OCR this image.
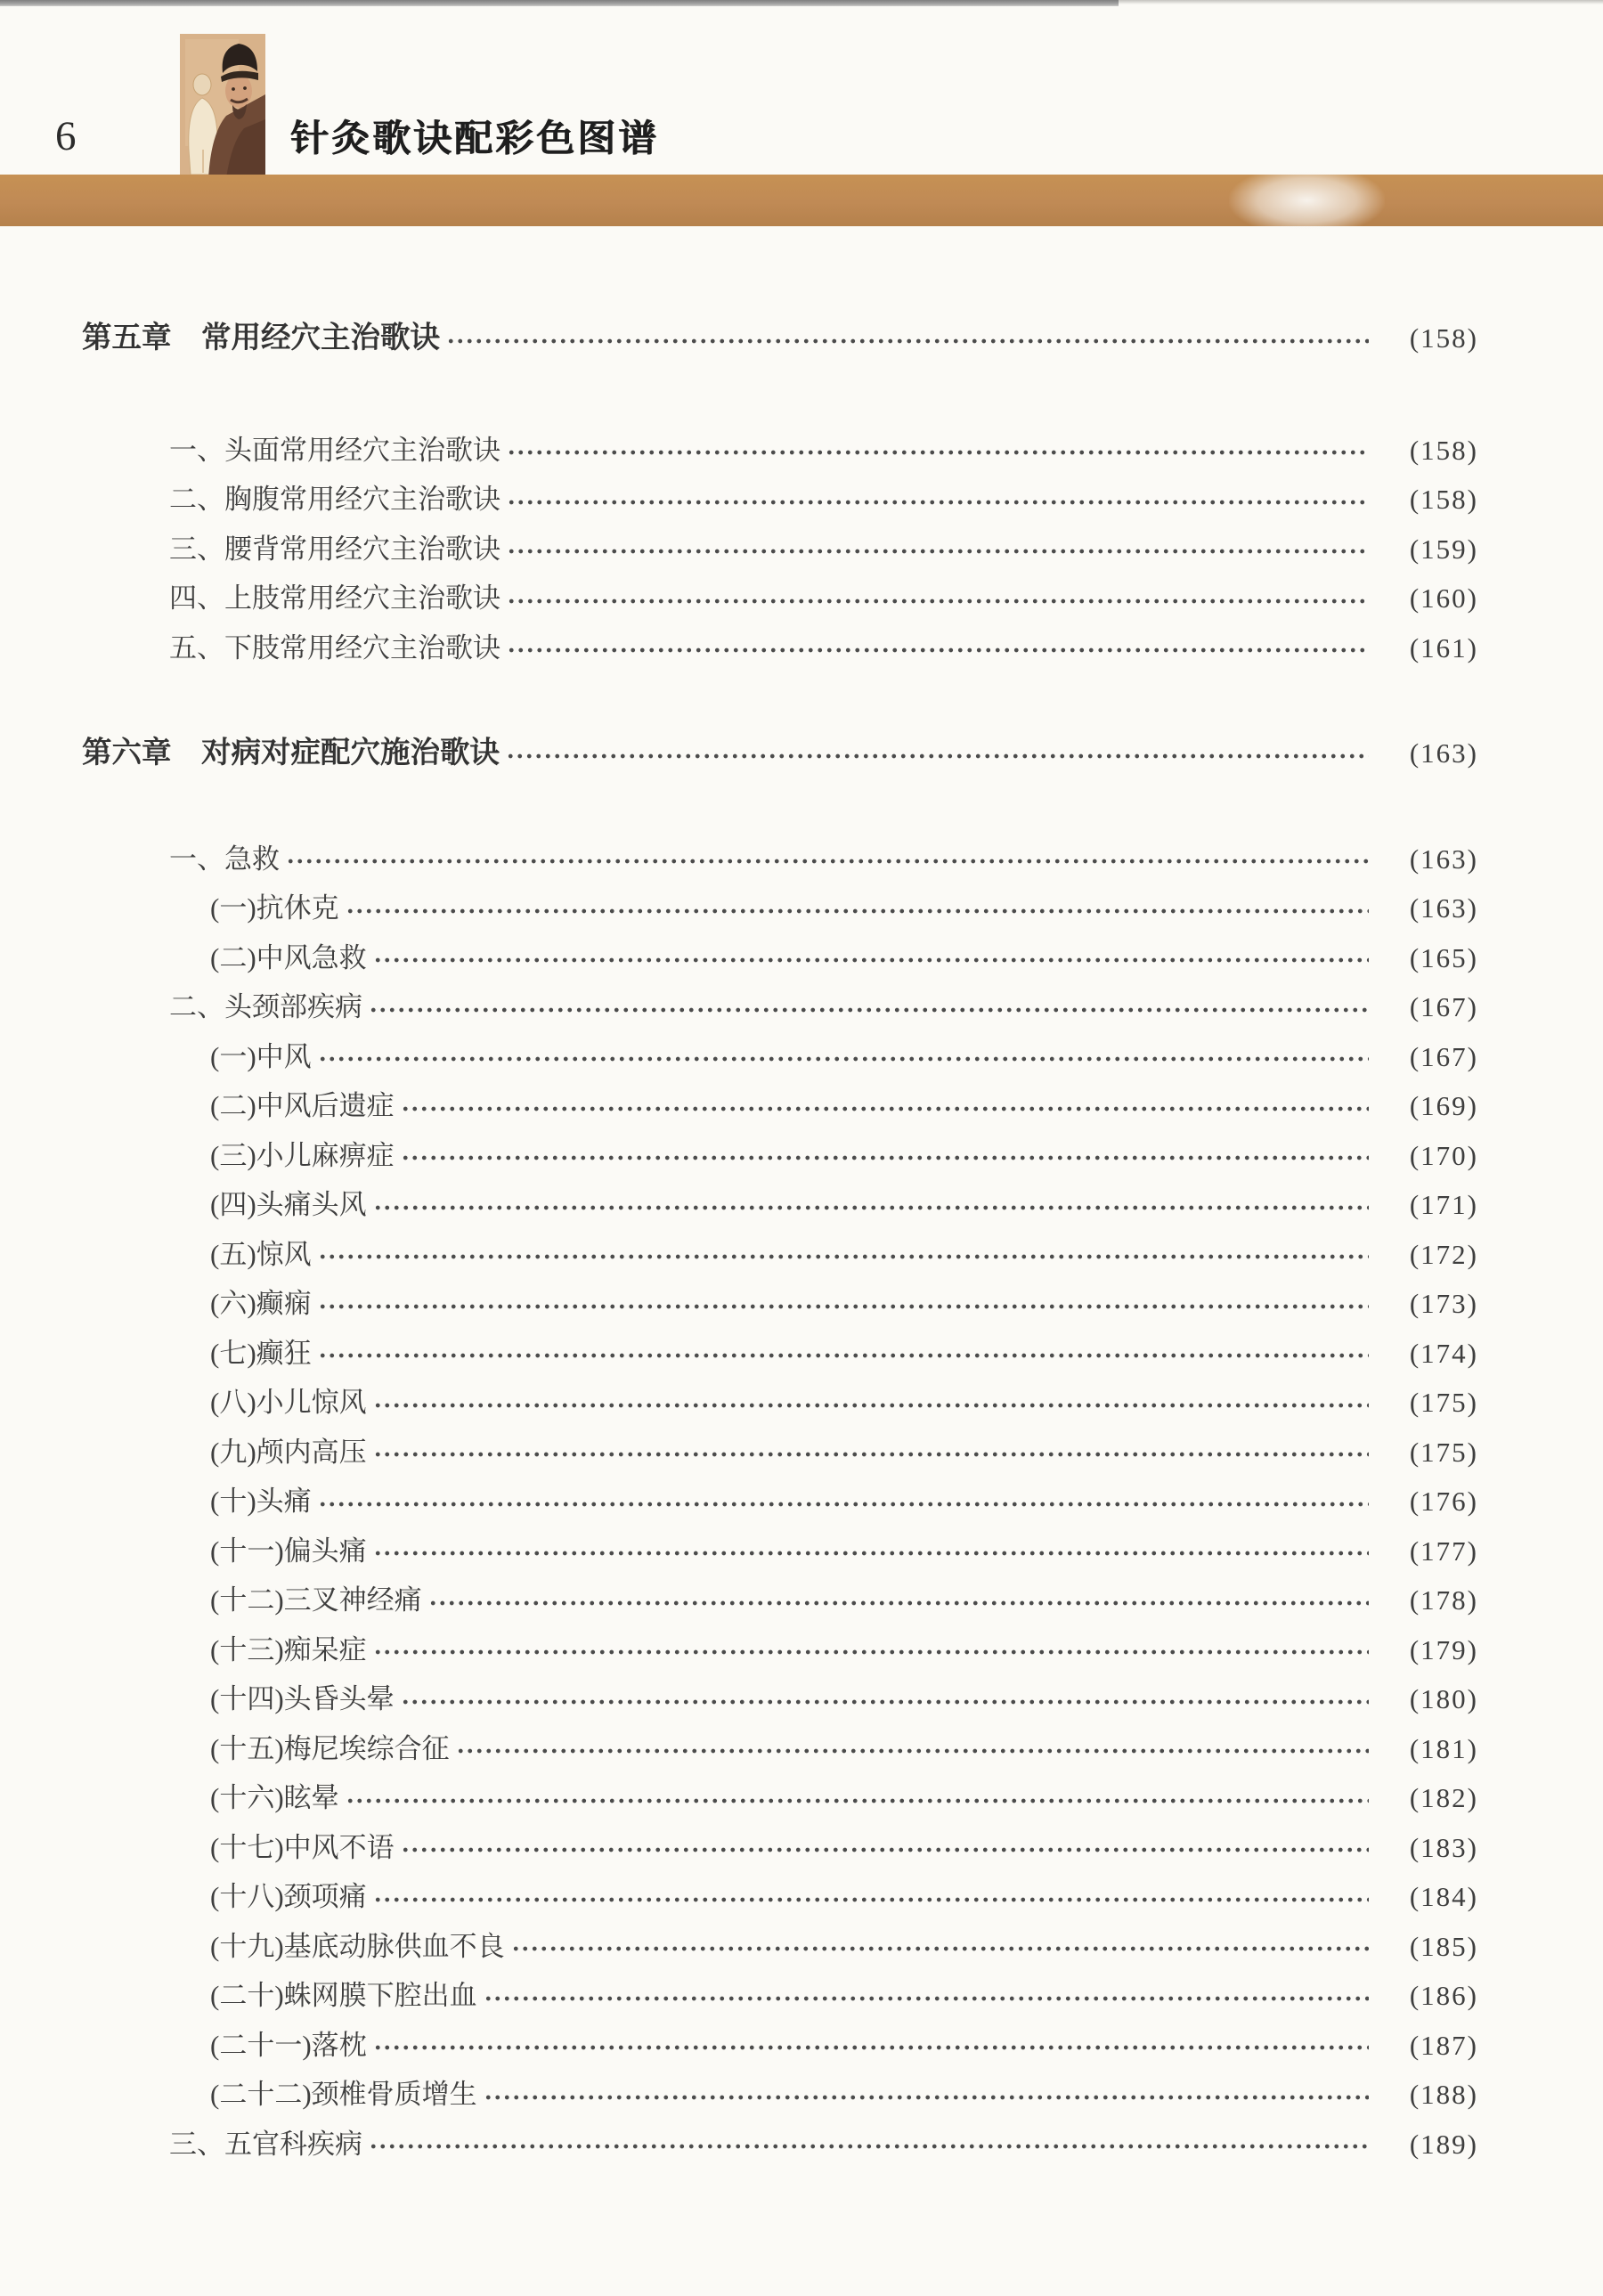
6	针灸歌诀配彩色图谱
第五章　常用经穴主治歌诀	(158)
一、头面常用经穴主治歌诀	(158)
二、胸腹常用经穴主治歌诀	(158)
三、腰背常用经穴主治歌诀	(159)
四、上肢常用经穴主治歌诀	(160)
五、下肢常用经穴主治歌诀	(161)
第六章　对病对症配穴施治歌诀	(163)
一、急救	(163)
(一)抗休克	(163)
(二)中风急救	(165)
二、头颈部疾病	(167)
(一)中风	(167)
(二)中风后遗症	(169)
(三)小儿麻痹症	(170)
(四)头痛头风	(171)
(五)惊风	(172)
(六)癫痫	(173)
(七)癫狂	(174)
(八)小儿惊风	(175)
(九)颅内高压	(175)
(十)头痛	(176)
(十一)偏头痛	(177)
(十二)三叉神经痛	(178)
(十三)痴呆症	(179)
(十四)头昏头晕	(180)
(十五)梅尼埃综合征	(181)
(十六)眩晕	(182)
(十七)中风不语	(183)
(十八)颈项痛	(184)
(十九)基底动脉供血不良	(185)
(二十)蛛网膜下腔出血	(186)
(二十一)落枕	(187)
(二十二)颈椎骨质增生	(188)
三、五官科疾病	(189)
